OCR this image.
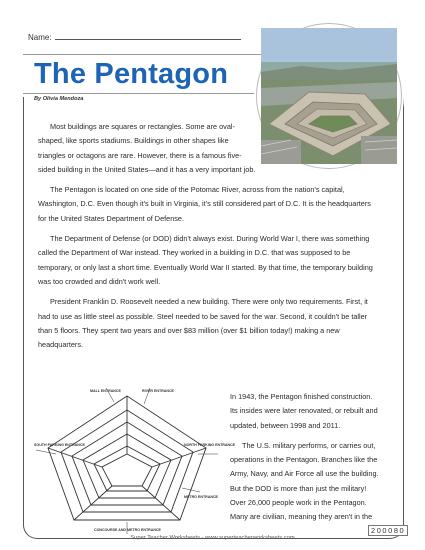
Name:
The Pentagon
By Olivia Mendoza

Most buildings are squares or rectangles. Some are oval-shaped, like sports stadiums. Buildings in other shapes like triangles or octagons are rare. However, there is a famous five-sided building in the United States—and it has a very important job.

The Pentagon is located on one side of the Potomac River, across from the nation's capital, Washington, D.C. Even though it's built in Virginia, it's still considered part of D.C. It is the headquarters for the United States Department of Defense.

The Department of Defense (or DOD) didn't always exist. During World War I, there was something called the Department of War instead. They worked in a building in D.C. that was supposed to be temporary, or only last a short time. Eventually World War II started. By that time, the temporary building was too crowded and didn't work well.

President Franklin D. Roosevelt needed a new building. There were only two requirements. First, it had to use as little steel as possible. Steel needed to be saved for the war. Second, it couldn't be taller than 5 floors. They spent two years and over $83 million (over $1 billion today!) making a new headquarters.

In 1943, the Pentagon finished construction. Its insides were later renovated, or rebuilt and updated, between 1998 and 2011.

The U.S. military performs, or carries out, operations in the Pentagon. Branches like the Army, Navy, and Air Force all use the building. But the DOD is more than just the military! Over 26,000 people work in the Pentagon. Many are civilian, meaning they aren't in the

MALL ENTRANCE	RIVER ENTRANCE
SOUTH PARKING ENTRANCE	NORTH PARKING ENTRANCE
METRO ENTRANCE
CONCOURSE AND METRO ENTRANCE	200080
Super Teacher Worksheets - www.superteacherworksheets.com
